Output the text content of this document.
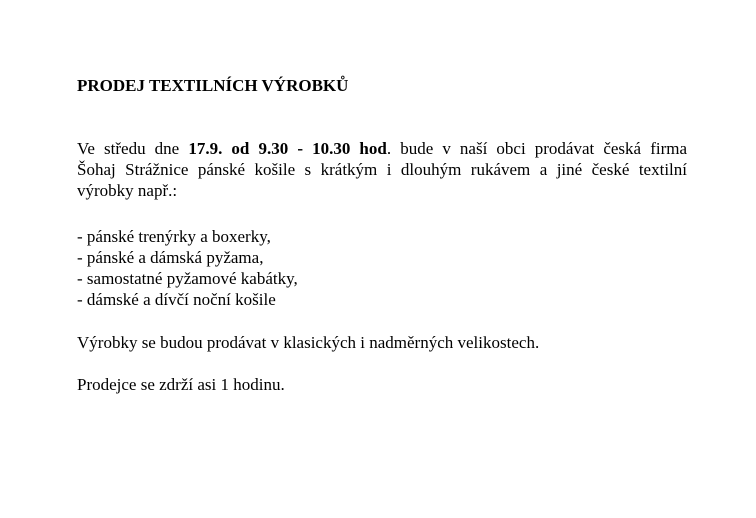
PRODEJ TEXTILNÍCH VÝROBKŮ
Ve středu dne 17.9. od 9.30 - 10.30 hod. bude v naší obci prodávat česká firma
Šohaj Strážnice pánské košile s krátkým i dlouhým rukávem a jiné české textilní
výrobky např.:
- pánské trenýrky a boxerky,
- pánské a dámská pyžama,
- samostatné pyžamové kabátky,
- dámské a dívčí noční košile
Výrobky se budou prodávat v klasických i nadměrných velikostech.
Prodejce se zdrží asi 1 hodinu.
